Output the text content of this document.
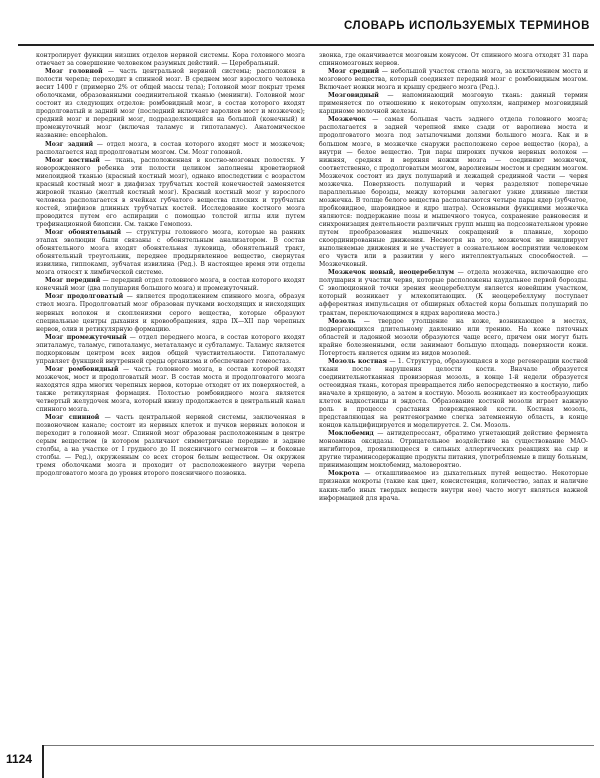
СЛОВАРЬ ИСПОЛЬЗУЕМЫХ ТЕРМИНОВ

контролирует функции низших отделов нервной системы. Кора головного мозга отвечает за совершение человеком разумных действий. — Церебральный.

Мозг головной — часть центральной нервной системы; расположен в полости черепа; переходит в спинной мозг. В среднем мозг взрослого человека весит 1400 г (примерно 2% от общей массы тела); Головной мозг покрыт тремя оболочками, образованными соединительной тканью (менинги). Головной мозг состоит из следующих отделов: ромбовидный мозг, в состав которого входят продолговатый и задний мозг (последний включает варолиев мост и мозжечок); средний мозг и передний мозг, подразделяющийся на большой (конечный) и промежуточный мозг (включая таламус и гипоталамус). Анатомическое название: encephalon.

Мозг задний — отдел мозга, в состав которого входят мост и мозжечок; располагается над продолговатым мозгом. См. Мозг головной.

Мозг костный — ткань, расположенная в костно-мозговых полостях. У новорожденного ребенка эти полости целиком заполнены кроветворной миелоидной тканью (красный костный мозг), однако впоследствии с возрастом красный костный мозг в диафизах трубчатых костей конечностей заменяется жировой тканью (желтый костный мозг). Красный костный мозг у взрослого человека располагается в ячейках губчатого вещества плоских и трубчатых костей, эпифизов длинных трубчатых костей. Исследование костного мозга проводится путем его аспирации с помощью толстой иглы или путем трефинационной биопсии. См. также Гемопоэз.

Мозг обонятельный — структуры головного мозга, которые на ранних этапах эволюции были связаны с обонятельным анализатором. В состав обонятельного мозга входят обонятельная луковица, обонятельный тракт, обонятельный треугольник, переднее продырявленное вещество, свернутая извилина, гиппокамп, зубчатая извилина (Ред.). В настоящее время эти отделы мозга относят к лимбической системе.

Мозг передний — передний отдел головного мозга, в состав которого входят конечный мозг (два полушария большого мозга) и промежуточный.

Мозг продолговатый — является продолжением спинного мозга, образуя ствол мозга. Продолговатый мозг образован пучками восходящих и нисходящих нервных волокон и скоплениями серого вещества, которые образуют специальные центры дыхания и кровообращения, ядра IX—XII пар черепных нервов, олив и ретикулярную формацию.

Мозг промежуточный — отдел переднего мозга, в состав которого входят эпиталамус, таламус, гипоталамус, метаталамус и субталамус. Таламус является подкорковым центром всех видов общей чувствительности. Гипоталамус управляет функцией внутренней среды организма и обеспечивает гомеостаз.

Мозг ромбовидный — часть головного мозга, в состав которой входят мозжечок, мост и продолговатый мозг. В состав моста и продолговатого мозга находятся ядра многих черепных нервов, которые отходят от их поверхностей, а также ретикулярная формация. Полостью ромбовидного мозга является четвертый желудочек мозга, который книзу продолжается в центральный канал спинного мозга.

Мозг спинной — часть центральной нервной системы, заключенная в позвоночном канале; состоит из нервных клеток и пучков нервных волокон и переходит в головной мозг. Спинной мозг образован расположенным в центре серым веществом (в котором различают симметричные передние и задние столбы, а на участке от I грудного до II поясничного сегментов — и боковые столбы. — Ред.), окруженным со всех сторон белым веществом. Он окружен тремя оболочками мозга и проходит от расположенного внутри черепа продолговатого мозга до уровня второго поясничного позвонка.

звонка, где оканчивается мозговым конусом. От спинного мозга отходят 31 пара спинномозговых нервов.

Мозг средний — небольшой участок ствола мозга, за исключением моста и мозгового вещества, который соединяет передний мозг с ромбовидным мозгом. Включает ножки мозга и крышу среднего мозга (Ред.).

Мозговидный — напоминающий мозговую ткань: данный термин применяется по отношению к некоторым опухолям, например мозговидный карциноме молочной железы.

Мозжечок — самая большая часть заднего отдела головного мозга; располагается в задней черепной ямке сзади от варолиева моста и продолговатого мозга под затылочными долями большого мозга. Как и в большом мозге, в мозжечке снаружи расположено серое вещество (кора), а внутри — белое вещество. Три пары широких пучков нервных волокон — нижняя, средняя и верхняя ножки мозга — соединяют мозжечок, соответственно, с продолговатым мозгом, варолиевым мостом и средним мозгом. Мозжечок состоит из двух полушарий и лежащей срединной части — червя мозжечка. Поверхность полушарий и червя разделяют поперечные параллельные борозды, между которыми залегают узкие длинные листки мозжечка. В толще белого вещества располагаются четыре пары ядер (зубчатое, пробковидное, шаровидное и ядро шатра). Основными функциями мозжечка являются: поддержание позы и мышечного тонуса, сохранение равновесия и синхронизация деятельности различных групп мышц на подсознательном уровне путем преобразования мышечных сокращений в плавные, хорошо скоординированные движения. Несмотря на это, мозжечок не инициирует выполняемые движения и не участвует в сознательном восприятии человеком его чувств или в развитии у него интеллектуальных способностей. — Мозжечковый.

Мозжечок новый, неоцеребеллум — отдела мозжечка, включающие его полушария и участки червя, которые расположены каудальнее первой борозды. С эволюционной точки зрения неоцеребеллум является новейшим участком, который возникает у млекопитающих. (К неоцеребеллуму поступает афферентная импульсация от обширных областей коры большых полушарий по трактам, переключающимся в ядрах варолиева моста.)

Мозоль — твердое утолщение на коже, возникающее в местах, подвергающихся длительному давлению или трению. На коже пяточных областей и ладонной мозоли образуются чаще всего, причем они могут быть крайне болезненными, если занимают большую площадь поверхности кожи. Потертость является одним из видов мозолей.

Мозоль костная — 1. Структура, образующаяся в ходе регенерации костной ткани после нарушения целости кости. Вначале образуется соединительнотканная провизорная мозоль, в конце 1-й недели образуется остеоидная ткань, которая превращается либо непосредственно в костную, либо вначале в хрящевую, а затем в костную. Мозоль возникает из костеобразующих клеток надкостницы и эндоста. Образование костной мозоли играет важную роль в процессе срастания поврежденной кости. Костная мозоль, представляющая на рентгенограмме слегка затемненную область, в конце концов кальцифицируется и моделируется. 2. См. Мозоль.

Моклобемид — антидепрессант, обратимо угнетающий действие фермента моноамина оксидазы. Отрицательное воздействие на существование МАО-ингибиторов, проявляющееся в сильных аллергических реакциях на сыр и другие тираминсодержащие продукты питания, употребляемые в пищу больным, принимающим моклобемид, маловероятно.

Мокрота — откашливаемое из дыхательных путей вещество. Некоторые признаки мокроты (такие как цвет, консистенция, количество, запах и наличие каких-либо иных твердых веществ внутри нее) часто могут являться важной информацией для врача.

1124
